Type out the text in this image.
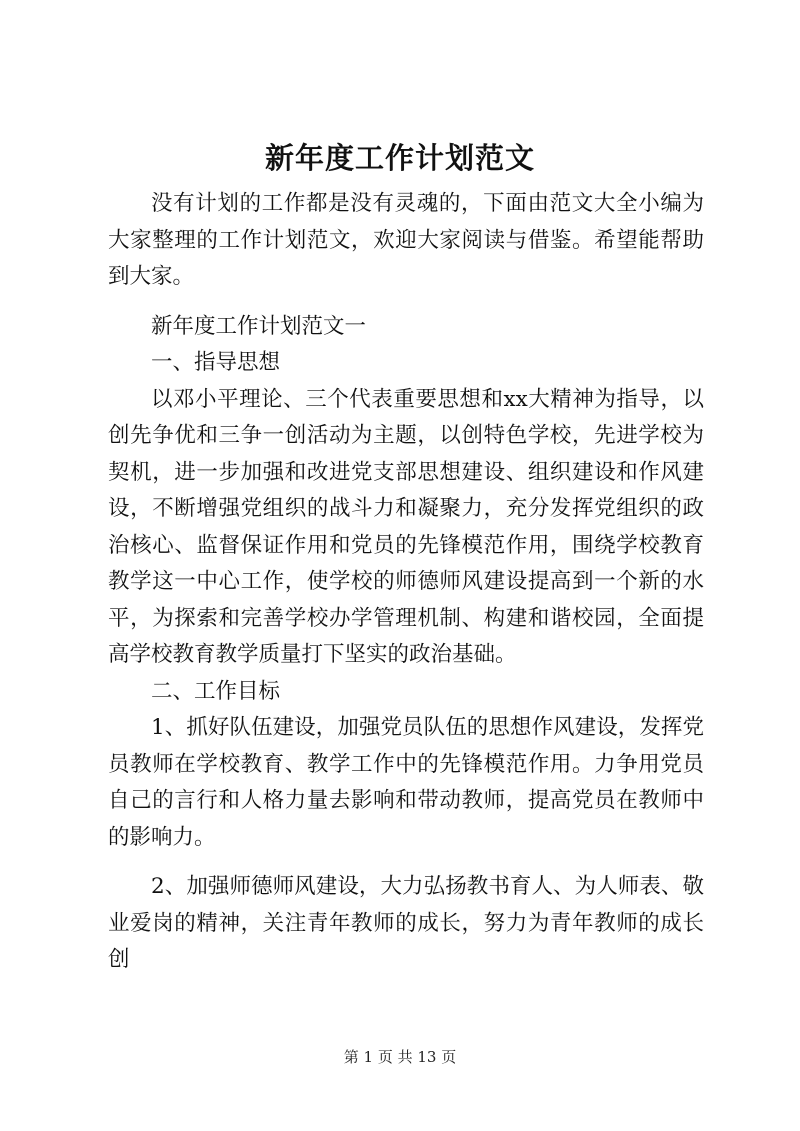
新年度工作计划范文

没有计划的工作都是没有灵魂的，下面由范文大全小编为大家整理的工作计划范文，欢迎大家阅读与借鉴。希望能帮助到大家。

新年度工作计划范文一

一、指导思想

以邓小平理论、三个代表重要思想和xx大精神为指导，以创先争优和三争一创活动为主题，以创特色学校，先进学校为契机，进一步加强和改进党支部思想建设、组织建设和作风建设，不断增强党组织的战斗力和凝聚力，充分发挥党组织的政治核心、监督保证作用和党员的先锋模范作用，围绕学校教育教学这一中心工作，使学校的师德师风建设提高到一个新的水平，为探索和完善学校办学管理机制、构建和谐校园，全面提高学校教育教学质量打下坚实的政治基础。

二、工作目标

1、抓好队伍建设，加强党员队伍的思想作风建设，发挥党员教师在学校教育、教学工作中的先锋模范作用。力争用党员自己的言行和人格力量去影响和带动教师，提高党员在教师中的影响力。

2、加强师德师风建设，大力弘扬教书育人、为人师表、敬业爱岗的精神，关注青年教师的成长，努力为青年教师的成长创

第 1 页 共 13 页
